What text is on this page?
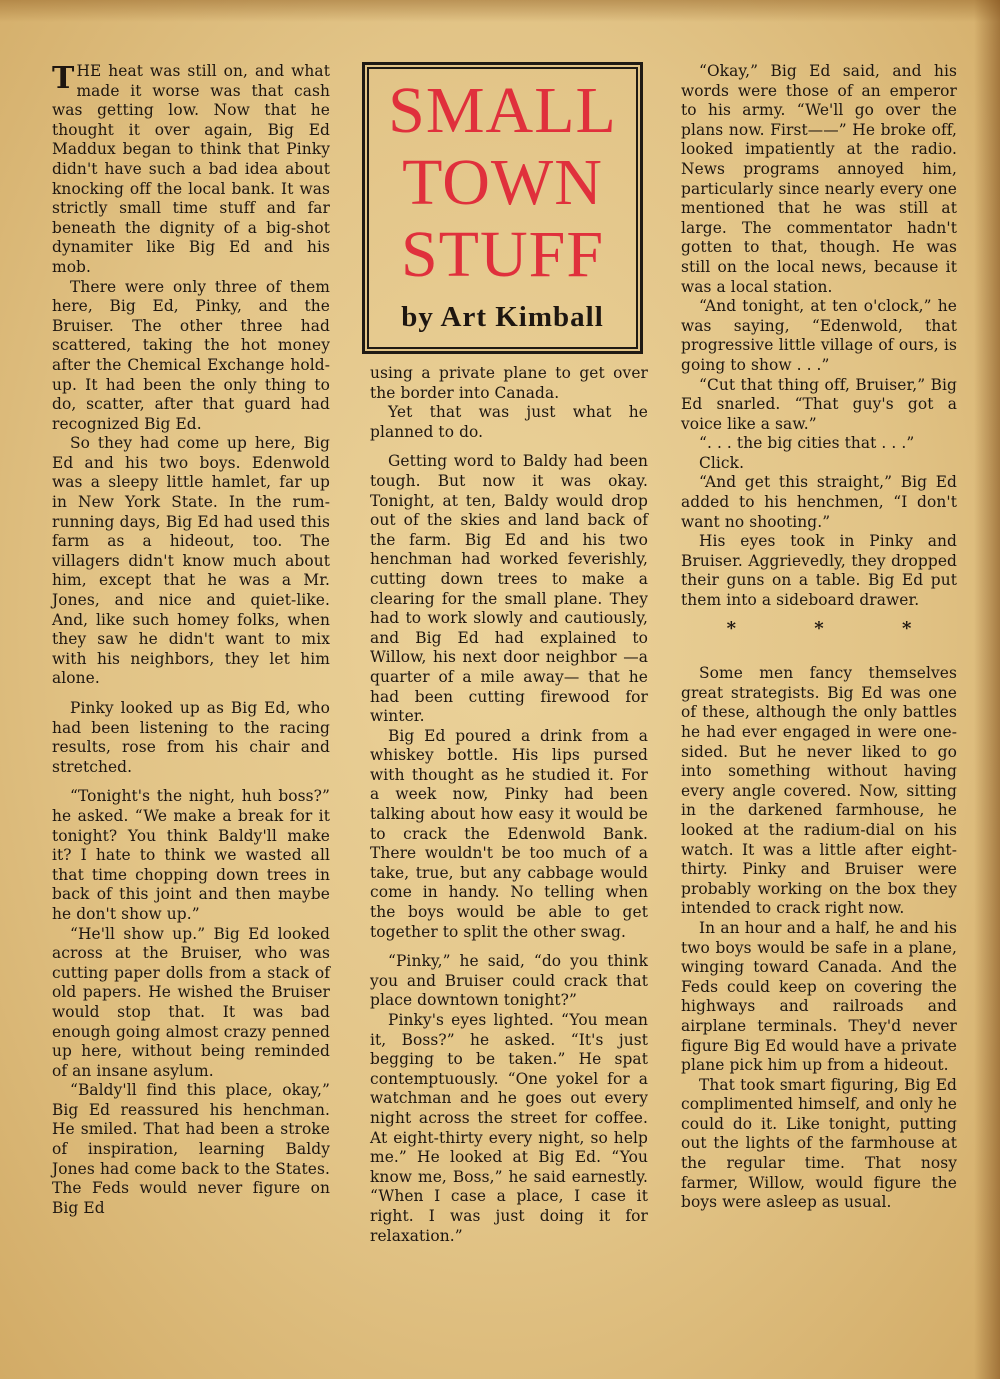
THE heat was still on, and what made it worse was that cash was getting low. Now that he thought it over again, Big Ed Maddux began to think that Pinky didn't have such a bad idea about knocking off the local bank. It was strictly small time stuff and far beneath the dignity of a big-shot dynamiter like Big Ed and his mob.

There were only three of them here, Big Ed, Pinky, and the Bruiser. The other three had scattered, taking the hot money after the Chemical Exchange hold-up. It had been the only thing to do, scatter, after that guard had recognized Big Ed.

So they had come up here, Big Ed and his two boys. Edenwold was a sleepy little hamlet, far up in New York State. In the rum-running days, Big Ed had used this farm as a hideout, too. The villagers didn't know much about him, except that he was a Mr. Jones, and nice and quiet-like. And, like such homey folks, when they saw he didn't want to mix with his neighbors, they let him alone.

Pinky looked up as Big Ed, who had been listening to the racing results, rose from his chair and stretched.

“Tonight's the night, huh boss?” he asked. “We make a break for it tonight? You think Baldy'll make it? I hate to think we wasted all that time chopping down trees in back of this joint and then maybe he don't show up.”

“He'll show up.” Big Ed looked across at the Bruiser, who was cutting paper dolls from a stack of old papers. He wished the Bruiser would stop that. It was bad enough going almost crazy penned up here, without being reminded of an insane asylum.

“Baldy'll find this place, okay,” Big Ed reassured his henchman. He smiled. That had been a stroke of inspiration, learning Baldy Jones had come back to the States. The Feds would never figure on Big Ed

SMALL
TOWN
STUFF
by Art Kimball

using a private plane to get over the border into Canada.

Yet that was just what he planned to do.

Getting word to Baldy had been tough. But now it was okay. Tonight, at ten, Baldy would drop out of the skies and land back of the farm. Big Ed and his two henchman had worked feverishly, cutting down trees to make a clearing for the small plane. They had to work slowly and cautiously, and Big Ed had explained to Willow, his next door neighbor —a quarter of a mile away— that he had been cutting firewood for winter.

Big Ed poured a drink from a whiskey bottle. His lips pursed with thought as he studied it. For a week now, Pinky had been talking about how easy it would be to crack the Edenwold Bank. There wouldn't be too much of a take, true, but any cabbage would come in handy. No telling when the boys would be able to get together to split the other swag.

“Pinky,” he said, “do you think you and Bruiser could crack that place downtown tonight?”

Pinky's eyes lighted. “You mean it, Boss?” he asked. “It's just begging to be taken.” He spat contemptuously. “One yokel for a watchman and he goes out every night across the street for coffee. At eight-thirty every night, so help me.” He looked at Big Ed. “You know me, Boss,” he said earnestly. “When I case a place, I case it right. I was just doing it for relaxation.”

“Okay,” Big Ed said, and his words were those of an emperor to his army. “We'll go over the plans now. First——” He broke off, looked impatiently at the radio. News programs annoyed him, particularly since nearly every one mentioned that he was still at large. The commentator hadn't gotten to that, though. He was still on the local news, because it was a local station.

“And tonight, at ten o'clock,” he was saying, “Edenwold, that progressive little village of ours, is going to show . . .”

“Cut that thing off, Bruiser,” Big Ed snarled. “That guy's got a voice like a saw.”

“. . . the big cities that . . .”

Click.

“And get this straight,” Big Ed added to his henchmen, “I don't want no shooting.”

His eyes took in Pinky and Bruiser. Aggrievedly, they dropped their guns on a table. Big Ed put them into a sideboard drawer.

* * *

Some men fancy themselves great strategists. Big Ed was one of these, although the only battles he had ever engaged in were one-sided. But he never liked to go into something without having every angle covered. Now, sitting in the darkened farmhouse, he looked at the radium-dial on his watch. It was a little after eight-thirty. Pinky and Bruiser were probably working on the box they intended to crack right now.

In an hour and a half, he and his two boys would be safe in a plane, winging toward Canada. And the Feds could keep on covering the highways and railroads and airplane terminals. They'd never figure Big Ed would have a private plane pick him up from a hideout.

That took smart figuring, Big Ed complimented himself, and only he could do it. Like tonight, putting out the lights of the farmhouse at the regular time. That nosy farmer, Willow, would figure the boys were asleep as usual.
